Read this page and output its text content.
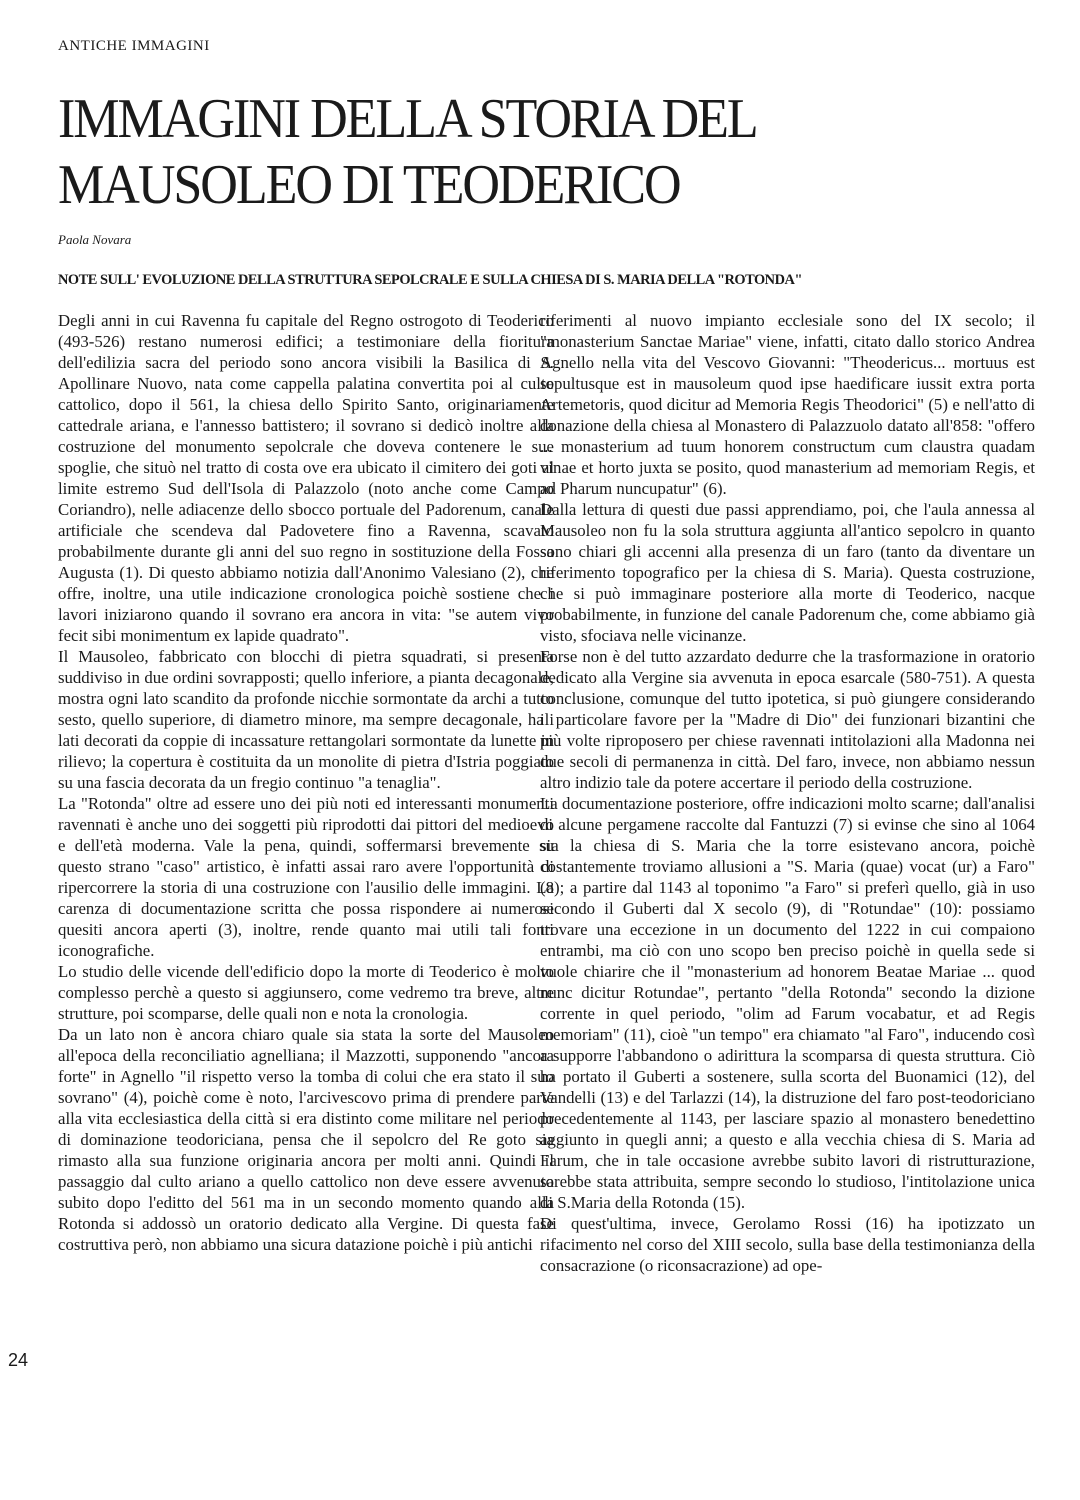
ANTICHE IMMAGINI
IMMAGINI DELLA STORIA DEL MAUSOLEO DI TEODERICO
Paola Novara
NOTE SULL' EVOLUZIONE DELLA STRUTTURA SEPOLCRALE E SULLA CHIESA DI S. MARIA DELLA "ROTONDA"

Degli anni in cui Ravenna fu capitale del Regno ostrogoto di Teoderico (493-526) restano numerosi edifici; a testimoniare della fioritura dell'edilizia sacra del periodo sono ancora visibili la Basilica di S. Apollinare Nuovo, nata come cappella palatina convertita poi al culto cattolico, dopo il 561, la chiesa dello Spirito Santo, originariamente cattedrale ariana, e l'annesso battistero; il sovrano si dedicò inoltre alla costruzione del monumento sepolcrale che doveva contenere le sue spoglie, che situò nel tratto di costa ove era ubicato il cimitero dei goti al limite estremo Sud dell'Isola di Palazzolo (noto anche come Campo Coriandro), nelle adiacenze dello sbocco portuale del Padorenum, canale artificiale che scendeva dal Padovetere fino a Ravenna, scavato probabilmente durante gli anni del suo regno in sostituzione della Fossa Augusta (1). Di questo abbiamo notizia dall'Anonimo Valesiano (2), che offre, inoltre, una utile indicazione cronologica poichè sostiene che i lavori iniziarono quando il sovrano era ancora in vita: "se autem vivo fecit sibi monimentum ex lapide quadrato".

Il Mausoleo, fabbricato con blocchi di pietra squadrati, si presenta suddiviso in due ordini sovrapposti; quello inferiore, a pianta decagonale, mostra ogni lato scandito da profonde nicchie sormontate da archi a tutto sesto, quello superiore, di diametro minore, ma sempre decagonale, ha i lati decorati da coppie di incassature rettangolari sormontate da lunette in rilievo; la copertura è costituita da un monolite di pietra d'Istria poggiato su una fascia decorata da un fregio continuo "a tenaglia".

La "Rotonda" oltre ad essere uno dei più noti ed interessanti monumenti ravennati è anche uno dei soggetti più riprodotti dai pittori del medioevo e dell'età moderna. Vale la pena, quindi, soffermarsi brevemente su questo strano "caso" artistico, è infatti assai raro avere l'opportunità di ripercorrere la storia di una costruzione con l'ausilio delle immagini. La carenza di documentazione scritta che possa rispondere ai numerosi quesiti ancora aperti (3), inoltre, rende quanto mai utili tali fonti iconografiche.

Lo studio delle vicende dell'edificio dopo la morte di Teoderico è molto complesso perchè a questo si aggiunsero, come vedremo tra breve, altre strutture, poi scomparse, delle quali non e nota la cronologia.

Da un lato non è ancora chiaro quale sia stata la sorte del Mausoleo all'epoca della reconciliatio agnelliana; il Mazzotti, supponendo "ancora forte" in Agnello "il rispetto verso la tomba di colui che era stato il suo sovrano" (4), poichè come è noto, l'arcivescovo prima di prendere parte alla vita ecclesiastica della città si era distinto come militare nel periodo di dominazione teodoriciana, pensa che il sepolcro del Re goto sia rimasto alla sua funzione originaria ancora per molti anni. Quindi il passaggio dal culto ariano a quello cattolico non deve essere avvenuto subito dopo l'editto del 561 ma in un secondo momento quando alla Rotonda si addossò un oratorio dedicato alla Vergine. Di questa fase costruttiva però, non abbiamo una sicura datazione poichè i più antichi

riferimenti al nuovo impianto ecclesiale sono del IX secolo; il "monasterium Sanctae Mariae" viene, infatti, citato dallo storico Andrea Agnello nella vita del Vescovo Giovanni: "Theodericus... mortuus est sepultusque est in mausoleum quod ipse haedificare iussit extra porta Artemetoris, quod dicitur ad Memoria Regis Theodorici" (5) e nell'atto di donazione della chiesa al Monastero di Palazzuolo datato all'858: "offero ... monasterium ad tuum honorem constructum cum claustra quadam vinae et horto juxta se posito, quod manasterium ad memoriam Regis, et ad Pharum nuncupatur" (6).

Dalla lettura di questi due passi apprendiamo, poi, che l'aula annessa al Mausoleo non fu la sola struttura aggiunta all'antico sepolcro in quanto sono chiari gli accenni alla presenza di un faro (tanto da diventare un riferimento topografico per la chiesa di S. Maria). Questa costruzione, che si può immaginare posteriore alla morte di Teoderico, nacque probabilmente, in funzione del canale Padorenum che, come abbiamo già visto, sfociava nelle vicinanze.

Forse non è del tutto azzardato dedurre che la trasformazione in oratorio dedicato alla Vergine sia avvenuta in epoca esarcale (580-751). A questa conclusione, comunque del tutto ipotetica, si può giungere considerando il particolare favore per la "Madre di Dio" dei funzionari bizantini che più volte riproposero per chiese ravennati intitolazioni alla Madonna nei due secoli di permanenza in città. Del faro, invece, non abbiamo nessun altro indizio tale da potere accertare il periodo della costruzione.

La documentazione posteriore, offre indicazioni molto scarne; dall'analisi di alcune pergamene raccolte dal Fantuzzi (7) si evinse che sino al 1064 sia la chiesa di S. Maria che la torre esistevano ancora, poichè costantemente troviamo allusioni a "S. Maria (quae) vocat (ur) a Faro" (8); a partire dal 1143 al toponimo "a Faro" si preferì quello, già in uso secondo il Guberti dal X secolo (9), di "Rotundae" (10): possiamo trovare una eccezione in un documento del 1222 in cui compaiono entrambi, ma ciò con uno scopo ben preciso poichè in quella sede si vuole chiarire che il "monasterium ad honorem Beatae Mariae ... quod nunc dicitur Rotundae", pertanto "della Rotonda" secondo la dizione corrente in quel periodo, "olim ad Farum vocabatur, et ad Regis memoriam" (11), cioè "un tempo" era chiamato "al Faro", inducendo così a supporre l'abbandono o adirittura la scomparsa di questa struttura. Ciò ha portato il Guberti a sostenere, sulla scorta del Buonamici (12), del Vandelli (13) e del Tarlazzi (14), la distruzione del faro post-teodoriciano precedentemente al 1143, per lasciare spazio al monastero benedettino aggiunto in quegli anni; a questo e alla vecchia chiesa di S. Maria ad Farum, che in tale occasione avrebbe subito lavori di ristrutturazione, sarebbe stata attribuita, sempre secondo lo studioso, l'intitolazione unica di S.Maria della Rotonda (15).

Di quest'ultima, invece, Gerolamo Rossi (16) ha ipotizzato un rifacimento nel corso del XIII secolo, sulla base della testimonianza della consacrazione (o riconsacrazione) ad ope-

24
